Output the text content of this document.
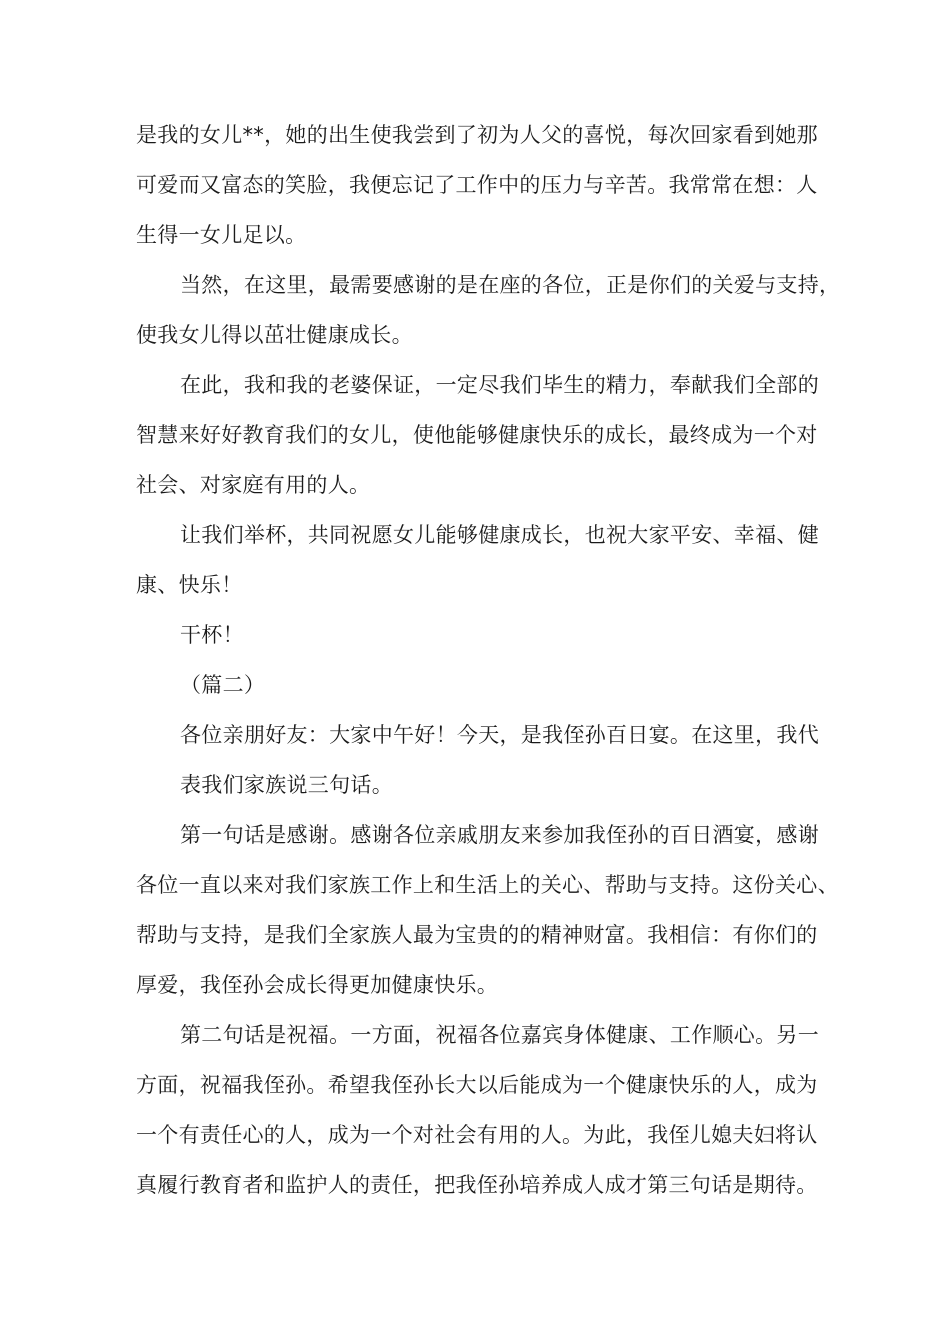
是我的女儿**，她的出生使我尝到了初为人父的喜悦，每次回家看到她那
可爱而又富态的笑脸，我便忘记了工作中的压力与辛苦。我常常在想：人
生得一女儿足以。
当然，在这里，最需要感谢的是在座的各位，正是你们的关爱与支持，
使我女儿得以茁壮健康成长。
在此，我和我的老婆保证，一定尽我们毕生的精力，奉献我们全部的
智慧来好好教育我们的女儿，使他能够健康快乐的成长，最终成为一个对
社会、对家庭有用的人。
让我们举杯，共同祝愿女儿能够健康成长，也祝大家平安、幸福、健
康、快乐！
干杯！
（篇二）
各位亲朋好友：大家中午好！今天，是我侄孙百日宴。在这里，我代
表我们家族说三句话。
第一句话是感谢。感谢各位亲戚朋友来参加我侄孙的百日酒宴，感谢
各位一直以来对我们家族工作上和生活上的关心、帮助与支持。这份关心、
帮助与支持，是我们全家族人最为宝贵的的精神财富。我相信：有你们的
厚爱，我侄孙会成长得更加健康快乐。
第二句话是祝福。一方面，祝福各位嘉宾身体健康、工作顺心。另一
方面，祝福我侄孙。希望我侄孙长大以后能成为一个健康快乐的人，成为
一个有责任心的人，成为一个对社会有用的人。为此，我侄儿媳夫妇将认
真履行教育者和监护人的责任，把我侄孙培养成人成才第三句话是期待。
